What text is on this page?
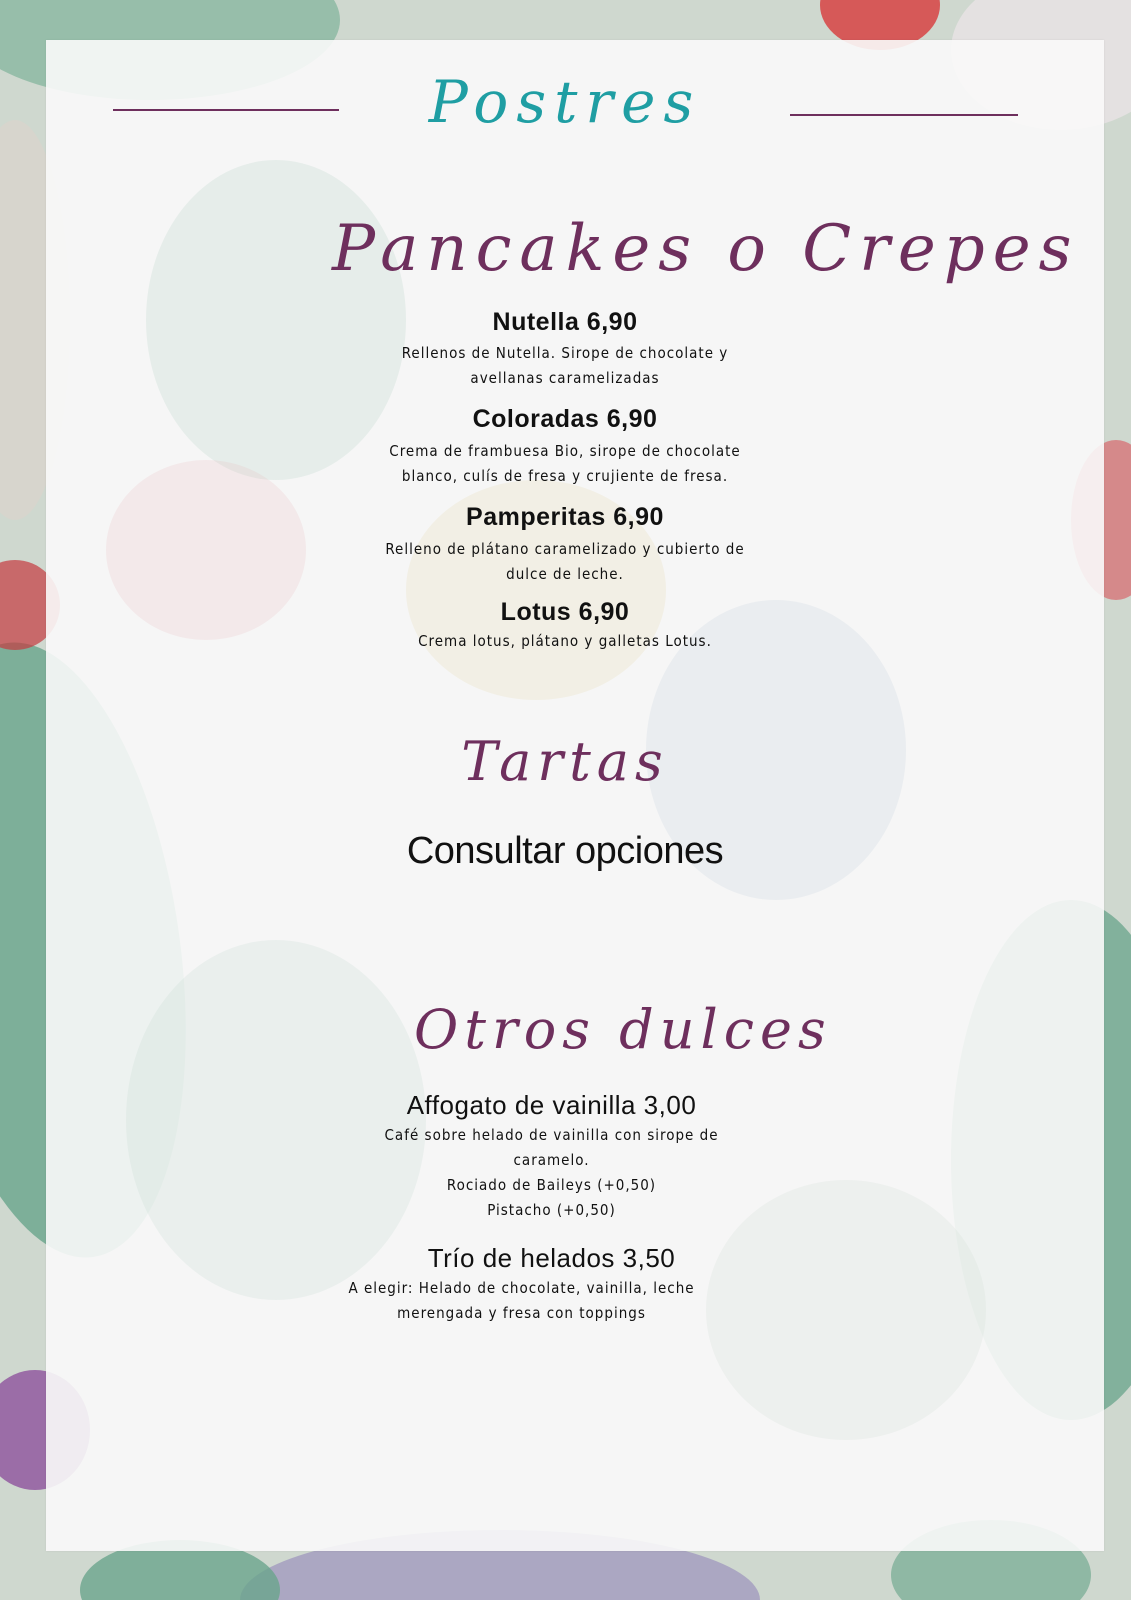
Postres
Pancakes o Crepes

Nutella 6,90

Rellenos de Nutella. Sirope de chocolate y

avellanas caramelizadas

Coloradas 6,90

Crema de frambuesa Bio, sirope de chocolate

blanco, culís de fresa y crujiente de fresa.

Pamperitas 6,90

Relleno de plátano caramelizado y cubierto de

dulce de leche.

Lotus 6,90

Crema lotus, plátano y galletas Lotus.

Tartas
Consultar opciones
Otros dulces

Affogato de vainilla 3,00

Café sobre helado de vainilla con sirope de

caramelo.

Rociado de Baileys (+0,50)

Pistacho (+0,50)

Trío de helados 3,50

A elegir: Helado de chocolate, vainilla, leche

merengada y fresa con toppings
